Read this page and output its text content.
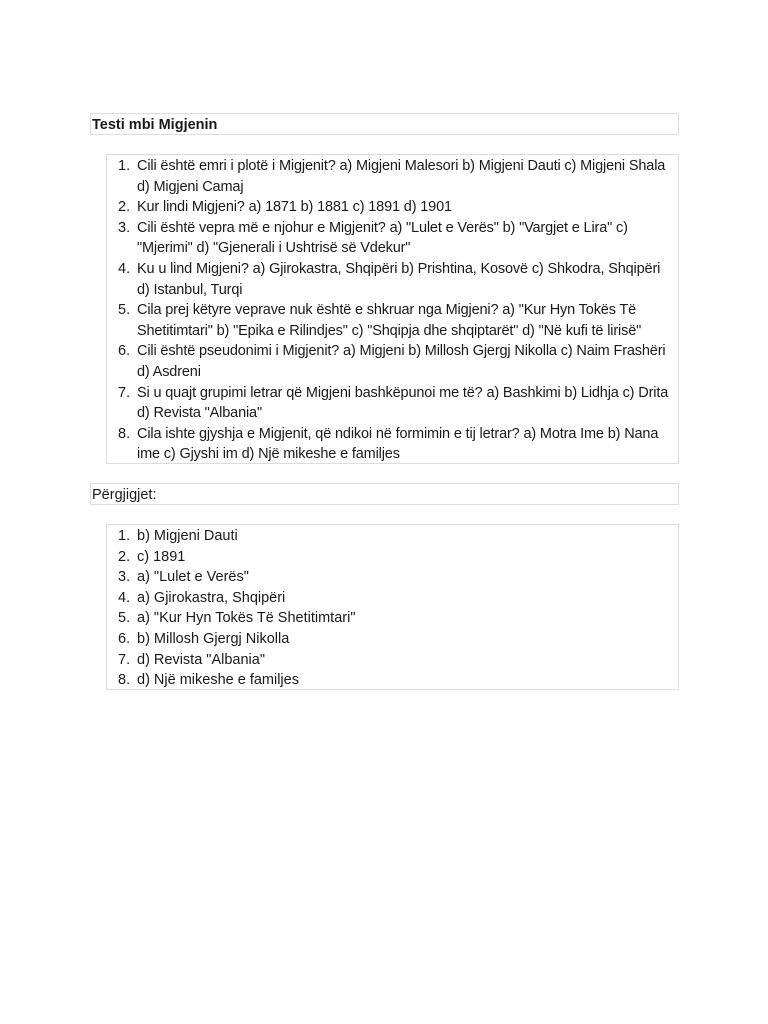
Testi mbi Migjenin
1. Cili është emri i plotë i Migjenit? a) Migjeni Malesori b) Migjeni Dauti c) Migjeni Shala d) Migjeni Camaj
2. Kur lindi Migjeni? a) 1871 b) 1881 c) 1891 d) 1901
3. Cili është vepra më e njohur e Migjenit? a) "Lulet e Verës" b) "Vargjet e Lira" c) "Mjerimi" d) "Gjenerali i Ushtrisë së Vdekur"
4. Ku u lind Migjeni? a) Gjirokastra, Shqipëri b) Prishtina, Kosovë c) Shkodra, Shqipëri d) Istanbul, Turqi
5. Cila prej këtyre veprave nuk është e shkruar nga Migjeni? a) "Kur Hyn Tokës Të Shetitimtari" b) "Epika e Rilindjes" c) "Shqipja dhe shqiptarët" d) "Në kufi të lirisë"
6. Cili është pseudonimi i Migjenit? a) Migjeni b) Millosh Gjergj Nikolla c) Naim Frashëri d) Asdreni
7. Si u quajt grupimi letrar që Migjeni bashkëpunoi me të? a) Bashkimi b) Lidhja c) Drita d) Revista "Albania"
8. Cila ishte gjyshja e Migjenit, që ndikoi në formimin e tij letrar? a) Motra Ime b) Nana ime c) Gjyshi im d) Një mikeshe e familjes
Përgjigjet:
1. b) Migjeni Dauti
2. c) 1891
3. a) "Lulet e Verës"
4. a) Gjirokastra, Shqipëri
5. a) "Kur Hyn Tokës Të Shetitimtari"
6. b) Millosh Gjergj Nikolla
7. d) Revista "Albania"
8. d) Një mikeshe e familjes
